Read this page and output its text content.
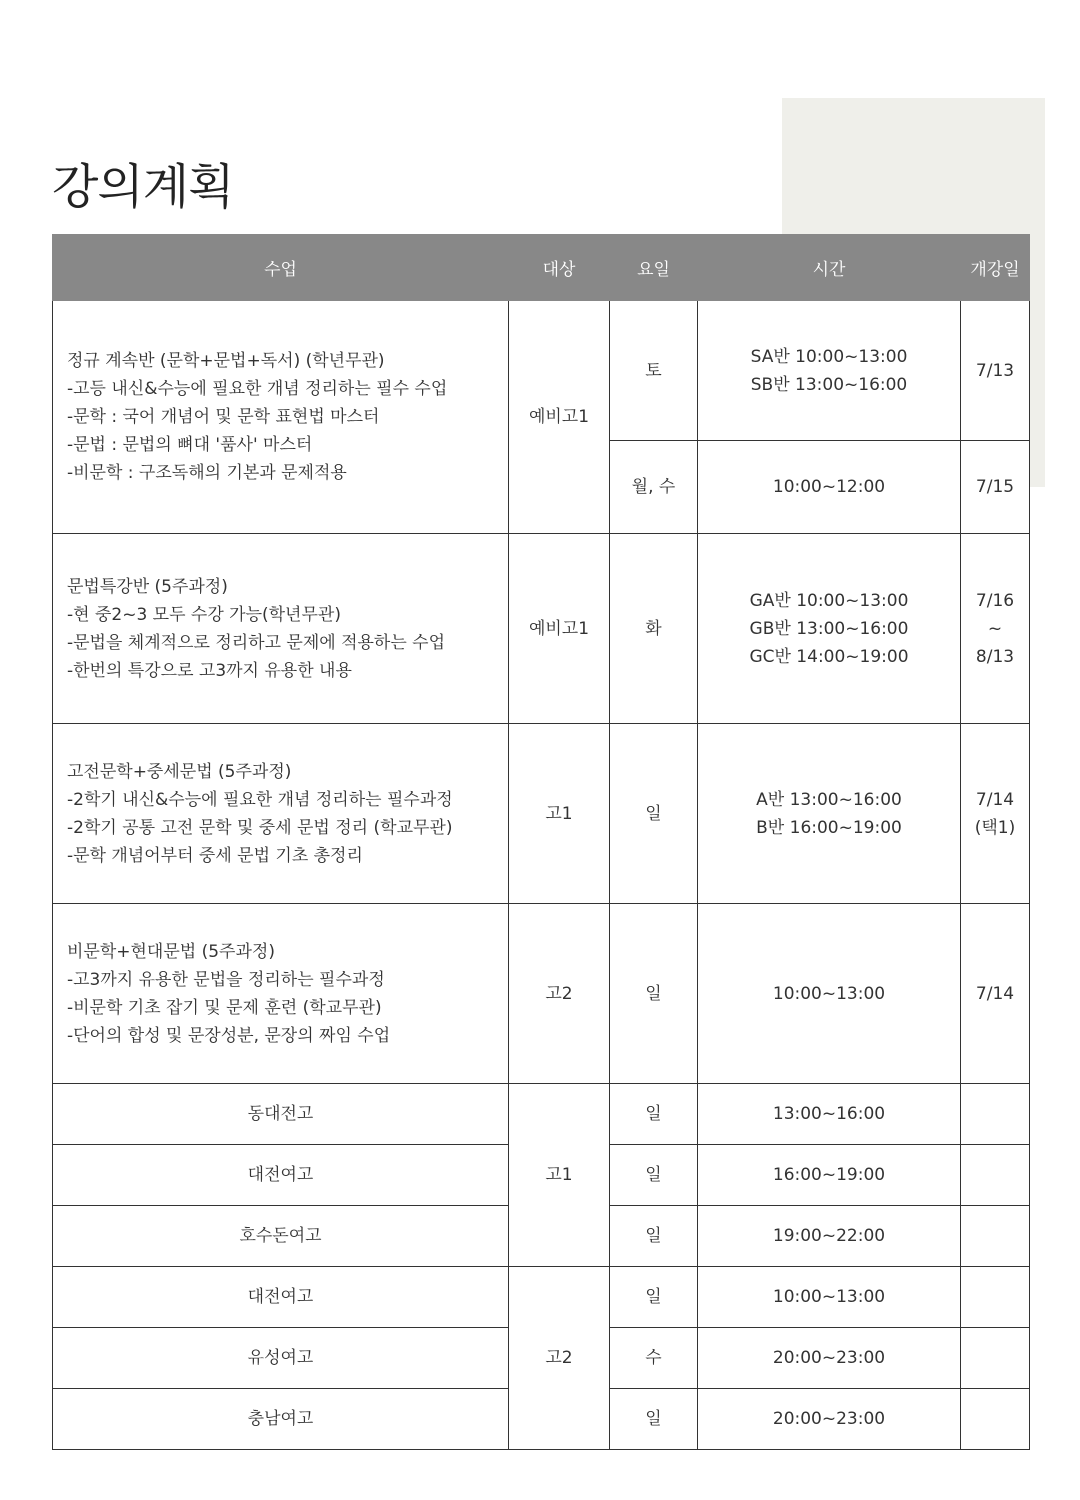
강의계획
수업	대상	요일	시간	개강일

정규 계속반 (문학+문법+독서) (학년무관)
-고등 내신&수능에 필요한 개념 정리하는 필수 수업
-문학 : 국어 개념어 및 문학 표현법 마스터
-문법 : 문법의 뼈대 '품사' 마스터
-비문학 : 구조독해의 기본과 문제적용	예비고1	토	SA반 10:00~13:00
SB반 13:00~16:00	7/13
		월, 수	10:00~12:00	7/15

문법특강반 (5주과정)
-현 중2~3 모두 수강 가능(학년무관)
-문법을 체계적으로 정리하고 문제에 적용하는 수업
-한번의 특강으로 고3까지 유용한 내용	예비고1	화	GA반 10:00~13:00
GB반 13:00~16:00
GC반 14:00~19:00	7/16
~
8/13

고전문학+중세문법 (5주과정)
-2학기 내신&수능에 필요한 개념 정리하는 필수과정
-2학기 공통 고전 문학 및 중세 문법 정리 (학교무관)
-문학 개념어부터 중세 문법 기초 총정리	고1	일	A반 13:00~16:00
B반 16:00~19:00	7/14
(택1)

비문학+현대문법 (5주과정)
-고3까지 유용한 문법을 정리하는 필수과정
-비문학 기초 잡기 및 문제 훈련 (학교무관)
-단어의 합성 및 문장성분, 문장의 짜임 수업	고2	일	10:00~13:00	7/14
동대전고	고1	일	13:00~16:00	
대전여고		일	16:00~19:00	
호수돈여고		일	19:00~22:00	
대전여고	고2	일	10:00~13:00	
유성여고		수	20:00~23:00	
충남여고		일	20:00~23:00	
